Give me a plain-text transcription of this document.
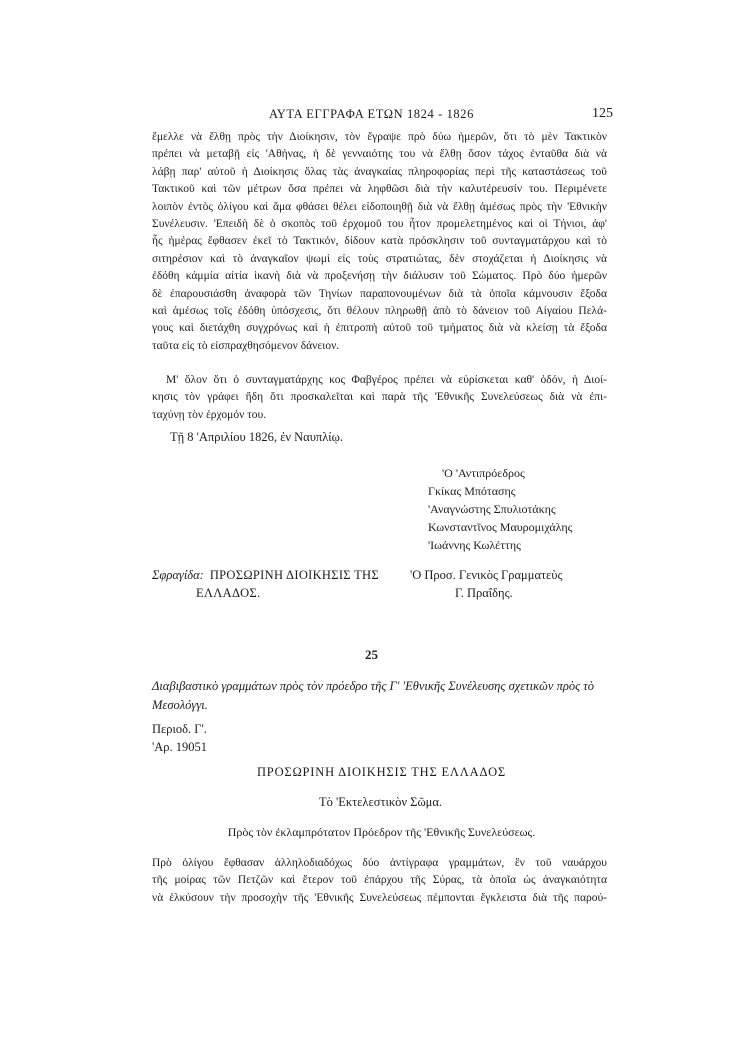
ΑΥΤΑ ΕΓΓΡΑΦΑ ΕΤΩΝ 1824 - 1826	125
ἔμελλε νὰ ἔλθῃ πρὸς τὴν Διοίκησιν, τὸν ἔγραψε πρὸ δύω ἡμερῶν, ὅτι τὸ μὲν Τακτικὸν
πρέπει νὰ μεταβῇ εἰς 'Αθήνας, ἡ δὲ γενναιότης του νὰ ἔλθῃ ὅσον τάχος ἐνταῦθα διὰ νὰ
λάβῃ παρ' αὐτοῦ ἡ Διοίκησις ὅλας τὰς ἀναγκαίας πληροφορίας περὶ τῆς καταστάσεως τοῦ
Τακτικοῦ καὶ τῶν μέτρων ὅσα πρέπει νὰ ληφθῶσι διὰ τὴν καλυτέρευσίν του. Περιμένετε
λοιπὸν ἐντὸς ὀλίγου καὶ ἅμα φθάσει θέλει εἰδοποιηθῇ διὰ νὰ ἔλθῃ ἀμέσως πρὸς τὴν 'Εθνικὴν
Συνέλευσιν. 'Επειδὴ δὲ ὁ σκοπὸς τοῦ ἐρχομοῦ του ἦτον προμελετημένος καὶ οἱ Τήνιοι, ἀφ'
ἧς ἡμέρας ἔφθασεν ἐκεῖ τὸ Τακτικόν, δίδουν κατὰ πρόσκλησιν τοῦ συνταγματάρχου καὶ τὸ
σιτηρέσιον καὶ τὸ ἀναγκαῖον ψωμὶ εἰς τοὺς στρατιώτας, δὲν στοχάζεται ἡ Διοίκησις νὰ
ἐδόθη κάμμία αἰτία ἱκανὴ διὰ νὰ προξενήσῃ τὴν διάλυσιν τοῦ Σώματος. Πρὸ δύο ἡμερῶν
δὲ ἐπαρουσιάσθη ἀναφορὰ τῶν Τηνίων παραπονουμένων διὰ τὰ ὁποῖα κάμνουσιν ἔξοδα
καὶ ἀμέσως τοῖς ἐδόθη ὑπόσχεσις, ὅτι θέλουν πληρωθῇ ἀπὸ τὸ δάνειον τοῦ Αἰγαίου Πελά-
γους καὶ διετάχθη συγχρόνως καὶ ἡ ἐπιτροπὴ αὐτοῦ τοῦ τμήματος διὰ νὰ κλείσῃ τὰ ἔξοδα
ταῦτα εἰς τὸ εἰσπραχθησόμενον δάνειον.
Μ' ὅλον ὅτι ὁ συνταγματάρχης κος Φαβγέρος πρέπει νὰ εὑρίσκεται καθ' ὁδόν, ἡ Διοί-
κησις τὸν γράφει ἤδη ὅτι προσκαλεῖται καὶ παρὰ τῆς 'Εθνικῆς Συνελεύσεως διὰ νὰ ἐπι-
ταχύνῃ τὸν ἐρχομόν του.
Τῇ 8 'Απριλίου 1826, ἐν Ναυπλίῳ.
'Ο 'Αντιπρόεδρος
Γκίκας Μπότασης
'Αναγνώστης Σπυλιοτάκης
Κωνσταντῖνος Μαυρομιχάλης
'Ιωάννης Κωλέττης
Σφραγίδα: ΠΡΟΣΩΡΙΝΗ ΔΙΟΙΚΗΣΙΣ ΤΗΣ
ΕΛΛΑΔΟΣ.
'Ο Προσ. Γενικὸς Γραμματεὺς
Γ. Πραΐδης.
25
Διαβιβαστικὸ γραμμάτων πρὸς τὸν πρόεδρο τῆς Γ' 'Εθνικῆς Συνέλευσης σχετικῶν πρὸς τὸ Μεσολόγγι.
Περιοδ. Γ'.
'Αρ. 19051
ΠΡΟΣΩΡΙΝΗ ΔΙΟΙΚΗΣΙΣ ΤΗΣ ΕΛΛΑΔΟΣ
Τὸ 'Εκτελεστικὸν Σῶμα.
Πρὸς τὸν ἐκλαμπρότατον Πρόεδρον τῆς 'Εθνικῆς Συνελεύσεως.
Πρὸ ὀλίγου ἔφθασαν ἀλληλοδιαδόχως δύο ἀντίγραφα γραμμάτων, ἓν τοῦ ναυάρχου
τῆς μοίρας τῶν Πετζῶν καὶ ἕτερον τοῦ ἐπάρχου τῆς Σύρας, τὰ ὁποῖα ὡς ἀναγκαιότητα
νὰ ἑλκύσουν τὴν προσοχὴν τῆς 'Εθνικῆς Συνελεύσεως πέμπονται ἔγκλειστα διὰ τῆς παρού-
